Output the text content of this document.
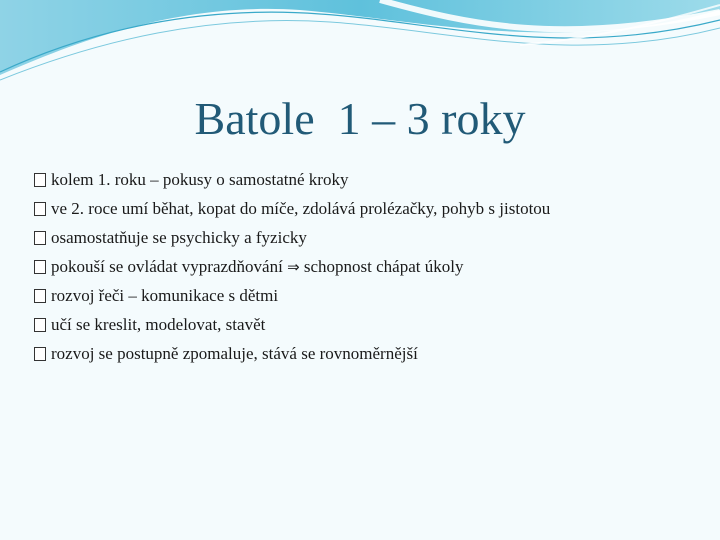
Batole  1 – 3 roky
kolem 1. roku – pokusy o samostatné kroky
ve 2. roce umí běhat, kopat do míče, zdolává prolézačky, pohyb s jistotou
osamostatňuje se psychicky a fyzicky
pokouší se ovládat vyprazdňování ⇒ schopnost chápat úkoly
rozvoj řeči – komunikace s dětmi
učí se kreslit, modelovat, stavět
rozvoj se postupně zpomaluje, stává se rovnoměrnější
